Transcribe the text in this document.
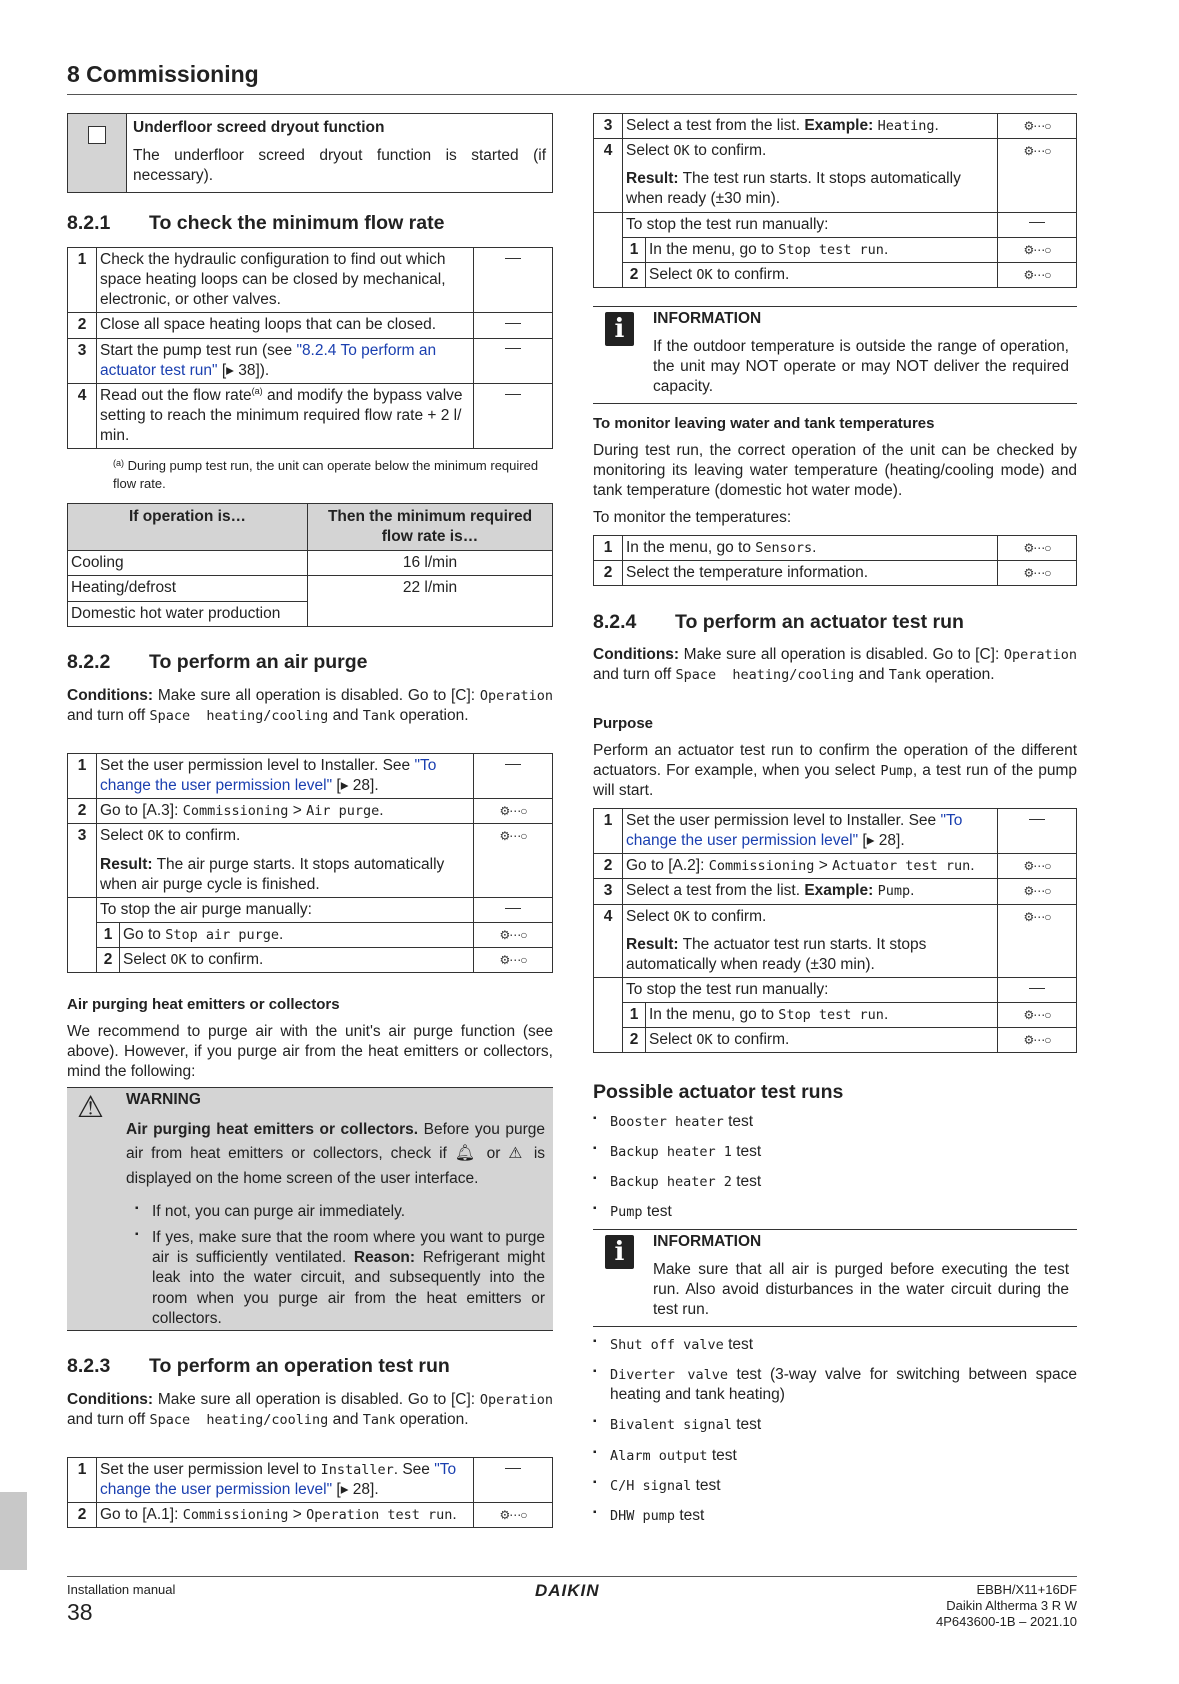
8 Commissioning

Underfloor screed dryout function
The underfloor screed dryout function is started (if necessary).
8.2.1 To check the minimum flow rate
1	Check the hydraulic configuration to find out which space heating loops can be closed by mechanical, electronic, or other valves.	
2	Close all space heating loops that can be closed.	
3	Start the pump test run (see "8.2.4 To perform an actuator test run" [▸ 38]).	
4	Read out the flow rate$^{(a)}$ and modify the bypass valve setting to reach the minimum required flow rate + 2 l/ min.	
$^{(a)}$ During pump test run, the unit can operate below the minimum required flow rate.
If operation is…	Then the minimum required flow rate is…
Cooling	16 l/min
Heating/defrost	22 l/min
Domestic hot water production	
8.2.2 To perform an air purge
Conditions: Make sure all operation is disabled. Go to [C]: Operation and turn off Space  heating/cooling and Tank operation.
1	Set the user permission level to Installer. See "To change the user permission level" [▸ 28].		
2	Go to [A.3]: Commissioning > Air purge.		⚙⋯○
3	Select OK to confirm.
Result: The air purge starts. It stops automatically when air purge cycle is finished.		⚙⋯○
	To stop the air purge manually:		
	1	Go to Stop air purge.	⚙⋯○
	2	Select OK to confirm.	⚙⋯○
Air purging heat emitters or collectors
We recommend to purge air with the unit's air purge function (see above). However, if you purge air from the heat emitters or collectors, mind the following:
⚠ WARNING
Air purging heat emitters or collectors. Before you purge air from heat emitters or collectors, check if 🔔︎ or ⚠ is displayed on the home screen of the user interface.
▪ If not, you can purge air immediately.
▪ If yes, make sure that the room where you want to purge air is sufficiently ventilated. Reason: Refrigerant might leak into the water circuit, and subsequently into the room when you purge air from the heat emitters or collectors.
8.2.3 To perform an operation test run
Conditions: Make sure all operation is disabled. Go to [C]: Operation and turn off Space  heating/cooling and Tank operation.
1	Set the user permission level to Installer. See "To change the user permission level" [▸ 28].	
2	Go to [A.1]: Commissioning > Operation test run.	⚙⋯○
3	Select a test from the list. Example: Heating.		⚙⋯○
4	Select OK to confirm.
Result: The test run starts. It stops automatically when ready (±30 min).		⚙⋯○
	To stop the test run manually:		
	1	In the menu, go to Stop test run.	⚙⋯○
	2	Select OK to confirm.	⚙⋯○
i	INFORMATION
If the outdoor temperature is outside the range of operation, the unit may NOT operate or may NOT deliver the required capacity.
To monitor leaving water and tank temperatures
During test run, the correct operation of the unit can be checked by monitoring its leaving water temperature (heating/cooling mode) and tank temperature (domestic hot water mode).
To monitor the temperatures:
1	In the menu, go to Sensors.	⚙⋯○
2	Select the temperature information.	⚙⋯○
8.2.4 To perform an actuator test run
Conditions: Make sure all operation is disabled. Go to [C]: Operation and turn off Space  heating/cooling and Tank operation.
Purpose
Perform an actuator test run to confirm the operation of the different actuators. For example, when you select Pump, a test run of the pump will start.
1	Set the user permission level to Installer. See "To change the user permission level" [▸ 28].		
2	Go to [A.2]: Commissioning > Actuator test run.		⚙⋯○
3	Select a test from the list. Example: Pump.		⚙⋯○
4	Select OK to confirm.
Result: The actuator test run starts. It stops automatically when ready (±30 min).		⚙⋯○
	To stop the test run manually:		
	1	In the menu, go to Stop test run.	⚙⋯○
	2	Select OK to confirm.	⚙⋯○
Possible actuator test runs
▪ Booster heater test
▪ Backup heater 1 test
▪ Backup heater 2 test
▪ Pump test
i	INFORMATION
Make sure that all air is purged before executing the test run. Also avoid disturbances in the water circuit during the test run.
▪ Shut off valve test
▪ Diverter valve test (3-way valve for switching between space heating and tank heating)
▪ Bivalent signal test
▪ Alarm output test
▪ C/H signal test
▪ DHW pump test
Installation manual
38
DAIKIN	EBBH/X11+16DF
Daikin Altherma 3 R W
4P643600-1B – 2021.10
